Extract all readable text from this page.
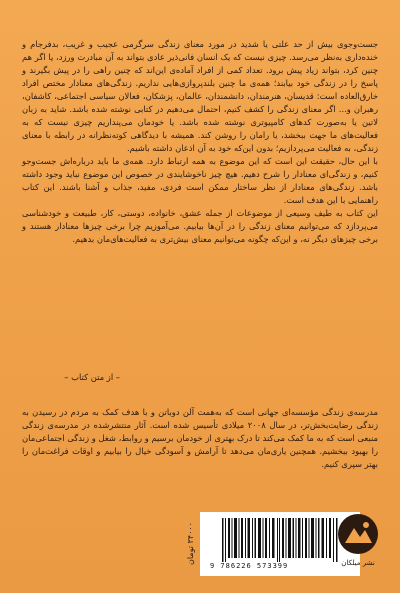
جست‌وجوی بیش از حد علتی یا شدید در مورد معنای زندگی سرگرمی عجیب و غریب، بدفرجام و خنده‌داری به‌نظر می‌رسد. چیزی نیست که یک انسان فانی‌ذیر عادی بتواند به آن مبادرت ورزد، یا اگر هم چنین کرد، بتواند زیاد پیش برود. تعداد کمی از افراد آماده‌ی این‌اند که چنین راهی را در پیش بگیرند و پاسخ را در زندگی خود بیابند؛ همه‌ی ما چنین بلندپروازی‌هایی نداریم. زندگی‌های معنادار مختص افراد خارق‌العاده است: قدیسان، هنرمندان، دانشمندان، عالمان، پزشکان، فعالان سیاسی اجتماعی، کاشفان، رهبران و... اگر معنای زندگی را کشف کنیم، احتمال می‌دهیم در کتابی نوشته شده باشد. شاید به زبان لاتین یا به‌صورت کدهای کامپیوتری نوشته شده باشد. یا خودمان می‌پنداریم چیزی نیست که به فعالیت‌های ما جهت ببخشد، یا رامان را روشن کند. همیشه با دیدگاهی کوته‌نظرانه در رابطه با معنای زندگی، به فعالیت می‌پردازیم؛ بدون این‌که خود به آن اذعان داشته باشیم.

با این حال، حقیقت این است که این موضوع به همه ارتباط دارد. همه‌ی ما باید درباره‌اش جست‌وجو کنیم، و زندگی‌ای معنادار را شرح دهیم. هیچ چیز ناخوشایندی در خصوص این موضوع نباید وجود داشته باشد. زندگی‌های معنادار از نظر ساختار ممکن است فردی، مفید، جذاب و آشنا باشند. این کتاب راهنمایی با این هدف است.

این کتاب به طیف وسیعی از موضوعات از جمله عشق، خانواده، دوستی، کار، طبیعت و خودشناسی می‌پردازد که می‌توانیم معنای زندگی را در آن‌ها بیابیم. می‌آموزیم چرا برخی چیزها معنادار هستند و برخی چیزهای دیگر نه، و این‌که چگونه می‌توانیم معنای بیش‌تری به فعالیت‌های‌مان بدهیم.

– از متن کتاب –

مدرسه‌ی زندگی مؤسسه‌ای جهانی است که به‌همت آلن دوباتن و با هدف کمک به مردم در رسیدن به زندگی رضایت‌بخش‌تر، در سال ۲۰۰۸ میلادی تأسیس شده است. آثار منتشرشده در مدرسه‌ی زندگی منبعی است که به ما کمک می‌کند تا درک بهتری از خودمان برسیم و روابط، شغل و زندگی اجتماعی‌مان را بهبود ببخشیم. همچنین یاری‌مان می‌دهد تا آرامش و آسودگی خیال را بیابیم و اوقات فراغت‌مان را بهتر سپری کنیم.

۳۴۰۰۰ تومان
9 786226 573399	نشر میلکان
